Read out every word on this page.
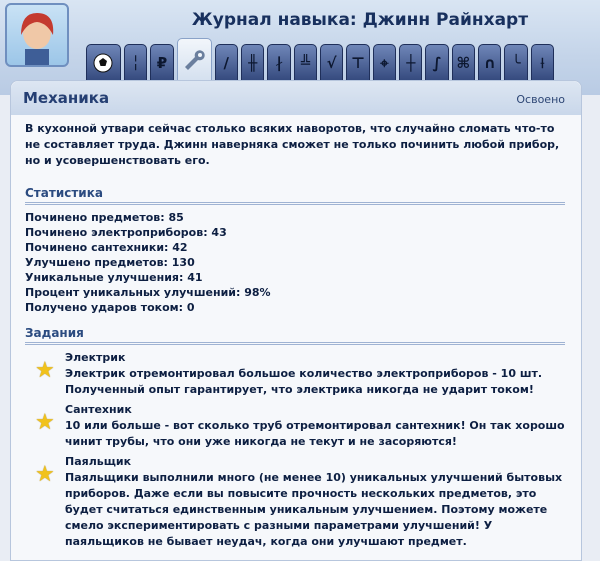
Журнал навыка: Джинн Райнхарт
╎ ₽	∕ ╫ ∤ ╩ √ ⊤ ⌖ ┼ ∫ ⌘ ∩ ╰ ⟊
Механика	Освоено

В кухонной утвари сейчас столько всяких наворотов, что случайно сломать что-то не составляет труда. Джинн наверняка сможет не только починить любой прибор, но и усовершенствовать его.

Статистика
Починено предметов: 85
Починено электроприборов: 43
Починено сантехники: 42
Улучшено предметов: 130
Уникальные улучшения: 41
Процент уникальных улучшений: 98%
Получено ударов током: 0
Задания
★
Электрик
Электрик отремонтировал большое количество электроприборов - 10 шт. Полученный опыт гарантирует, что электрика никогда не ударит током!
★
Сантехник
10 или больше - вот сколько труб отремонтировал сантехник! Он так хорошо чинит трубы, что они уже никогда не текут и не засоряются!
★
Паяльщик
Паяльщики выполнили много (не менее 10) уникальных улучшений бытовых приборов. Даже если вы повысите прочность нескольких предметов, это будет считаться единственным уникальным улучшением. Поэтому можете смело экспериментировать с разными параметрами улучшений! У паяльщиков не бывает неудач, когда они улучшают предмет.
